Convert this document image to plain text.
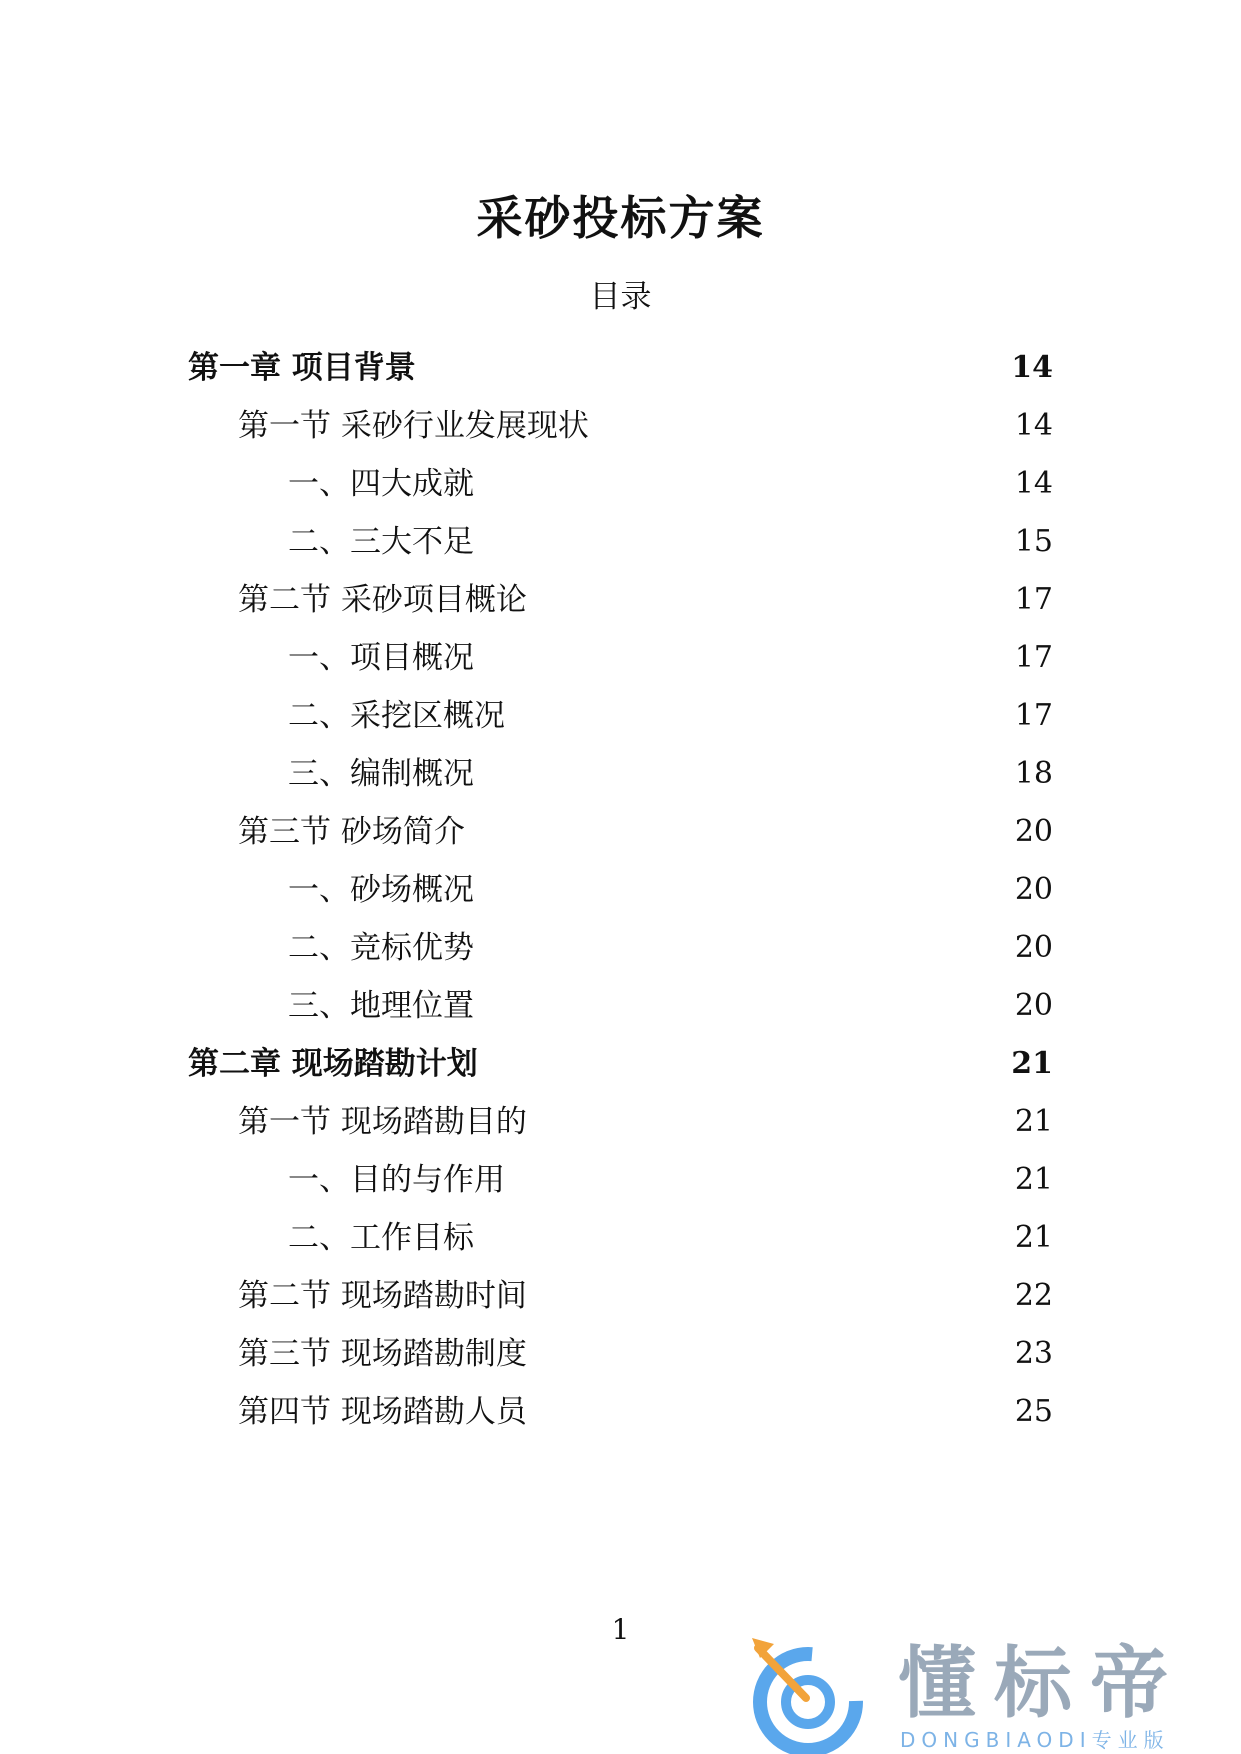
采砂投标方案
目录
第一章 项目背景	14
第一节 采砂行业发展现状	14
一、四大成就	14
二、三大不足	15
第二节 采砂项目概论	17
一、项目概况	17
二、采挖区概况	17
三、编制概况	18
第三节 砂场简介	20
一、砂场概况	20
二、竞标优势	20
三、地理位置	20
第二章 现场踏勘计划	21
第一节 现场踏勘目的	21
一、目的与作用	21
二、工作目标	21
第二节 现场踏勘时间	22
第三节 现场踏勘制度	23
第四节 现场踏勘人员	25
1
懂标帝
DONGBIAODI专业版
